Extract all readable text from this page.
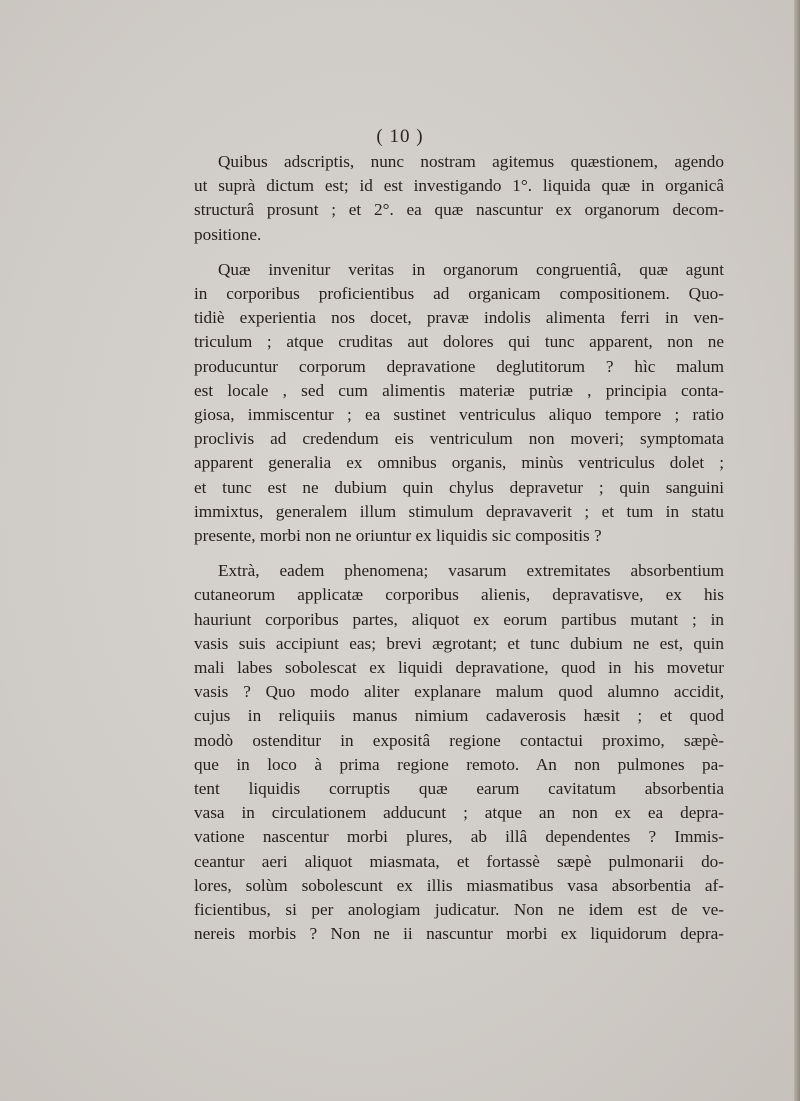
( 10 )

Quibus adscriptis, nunc nostram agitemus quæstionem, agendo
ut suprà dictum est; id est investigando 1°. liquida quæ in organicâ
structurâ prosunt ; et 2°. ea quæ nascuntur ex organorum decom-
positione.

Quæ invenitur veritas in organorum congruentiâ, quæ agunt
in corporibus proficientibus ad organicam compositionem. Quo-
tidiè experientia nos docet, pravæ indolis alimenta ferri in ven-
triculum ; atque cruditas aut dolores qui tunc apparent, non ne
producuntur corporum depravatione deglutitorum ? hìc malum
est locale , sed cum alimentis materiæ putriæ , principia conta-
giosa, immiscentur ; ea sustinet ventriculus aliquo tempore ; ratio
proclivis ad credendum eis ventriculum non moveri; symptomata
apparent generalia ex omnibus organis, minùs ventriculus dolet ;
et tunc est ne dubium quin chylus depravetur ; quin sanguini
immixtus, generalem illum stimulum depravaverit ; et tum in statu
presente, morbi non ne oriuntur ex liquidis sic compositis ?

Extrà, eadem phenomena; vasarum extremitates absorbentium
cutaneorum applicatæ corporibus alienis, depravatisve, ex his
hauriunt corporibus partes, aliquot ex eorum partibus mutant ; in
vasis suis accipiunt eas; brevi ægrotant; et tunc dubium ne est, quin
mali labes sobolescat ex liquidi depravatione, quod in his movetur
vasis ? Quo modo aliter explanare malum quod alumno accidit,
cujus in reliquiis manus nimium cadaverosis hæsit ; et quod
modò ostenditur in expositâ regione contactui proximo, sæpè-
que in loco à prima regione remoto. An non pulmones pa-
tent liquidis corruptis quæ earum cavitatum absorbentia
vasa in circulationem adducunt ; atque an non ex ea depra-
vatione nascentur morbi plures, ab illâ dependentes ? Immis-
ceantur aeri aliquot miasmata, et fortassè sæpè pulmonarii do-
lores, solùm sobolescunt ex illis miasmatibus vasa absorbentia af-
ficientibus, si per anologiam judicatur. Non ne idem est de ve-
nereis morbis ? Non ne ii nascuntur morbi ex liquidorum depra-
